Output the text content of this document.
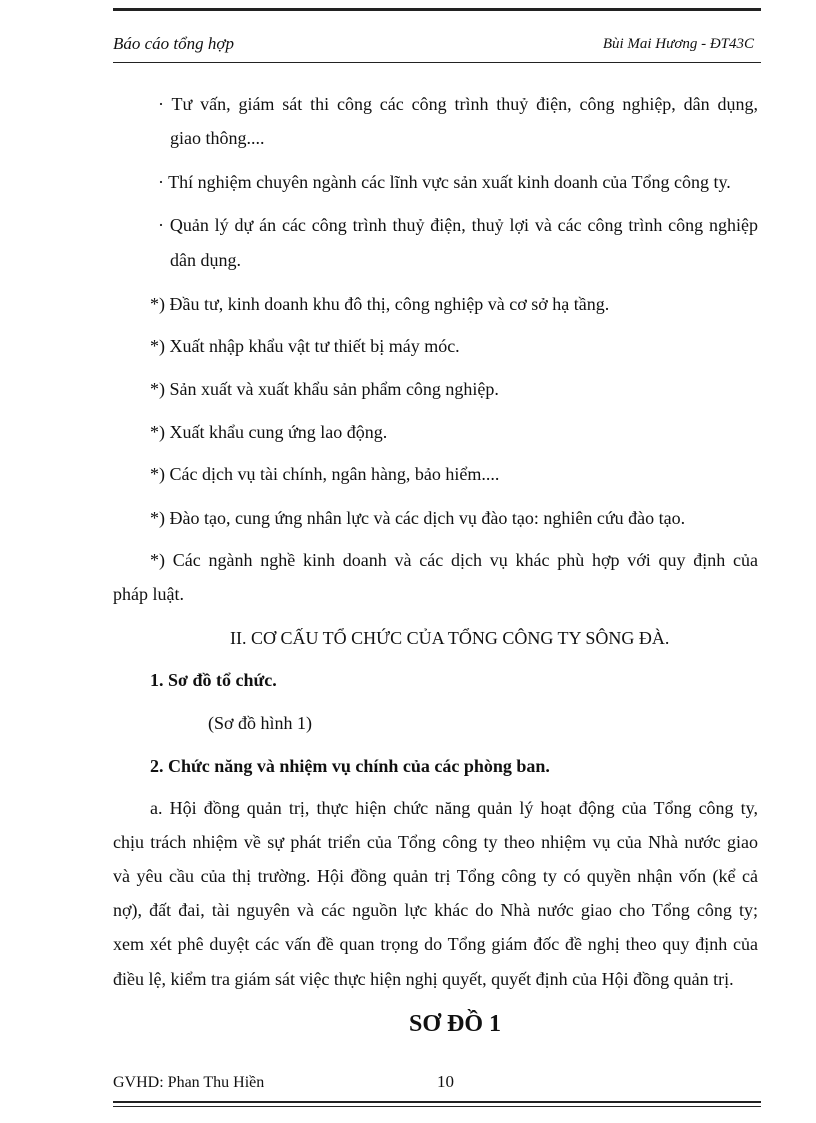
Báo cáo tổng hợp	Bùi Mai Hương - ĐT43C
· Tư vấn, giám sát thi công các công trình thuỷ điện, công nghiệp, dân dụng,
giao thông....
· Thí nghiệm chuyên ngành các lĩnh vực sản xuất kinh doanh của Tổng công ty.
· Quản lý dự án các công trình thuỷ điện, thuỷ lợi và các công trình công nghiệp
dân dụng.
*) Đầu tư, kinh doanh khu đô thị, công nghiệp và cơ sở hạ tầng.
*) Xuất nhập khẩu vật tư thiết bị máy móc.
*) Sản xuất và xuất khẩu sản phẩm công nghiệp.
*) Xuất khẩu cung ứng lao động.
*) Các dịch vụ tài chính, ngân hàng, bảo hiểm....
*) Đào tạo, cung ứng nhân lực và các dịch vụ đào tạo: nghiên cứu đào tạo.
*) Các ngành nghề kinh doanh và các dịch vụ khác phù hợp với quy định của
pháp luật.
II. CƠ CẤU TỔ CHỨC CỦA TỔNG CÔNG TY SÔNG ĐÀ.
1. Sơ đồ tổ chức.
(Sơ đồ hình 1)
2. Chức năng và nhiệm vụ chính của các phòng ban.
a. Hội đồng quản trị, thực hiện chức năng quản lý hoạt động của Tổng công ty,
chịu trách nhiệm về sự phát triển của Tổng công ty theo nhiệm vụ của Nhà nước giao
và yêu cầu của thị trường. Hội đồng quản trị Tổng công ty có quyền nhận vốn (kể cả
nợ), đất đai, tài nguyên và các nguồn lực khác do Nhà nước giao cho Tổng công ty;
xem xét phê duyệt các vấn đề quan trọng do Tổng giám đốc đề nghị theo quy định của
điều lệ, kiểm tra giám sát việc thực hiện nghị quyết, quyết định của Hội đồng quản trị.
SƠ ĐỒ 1
GVHD: Phan Thu Hiền	10
